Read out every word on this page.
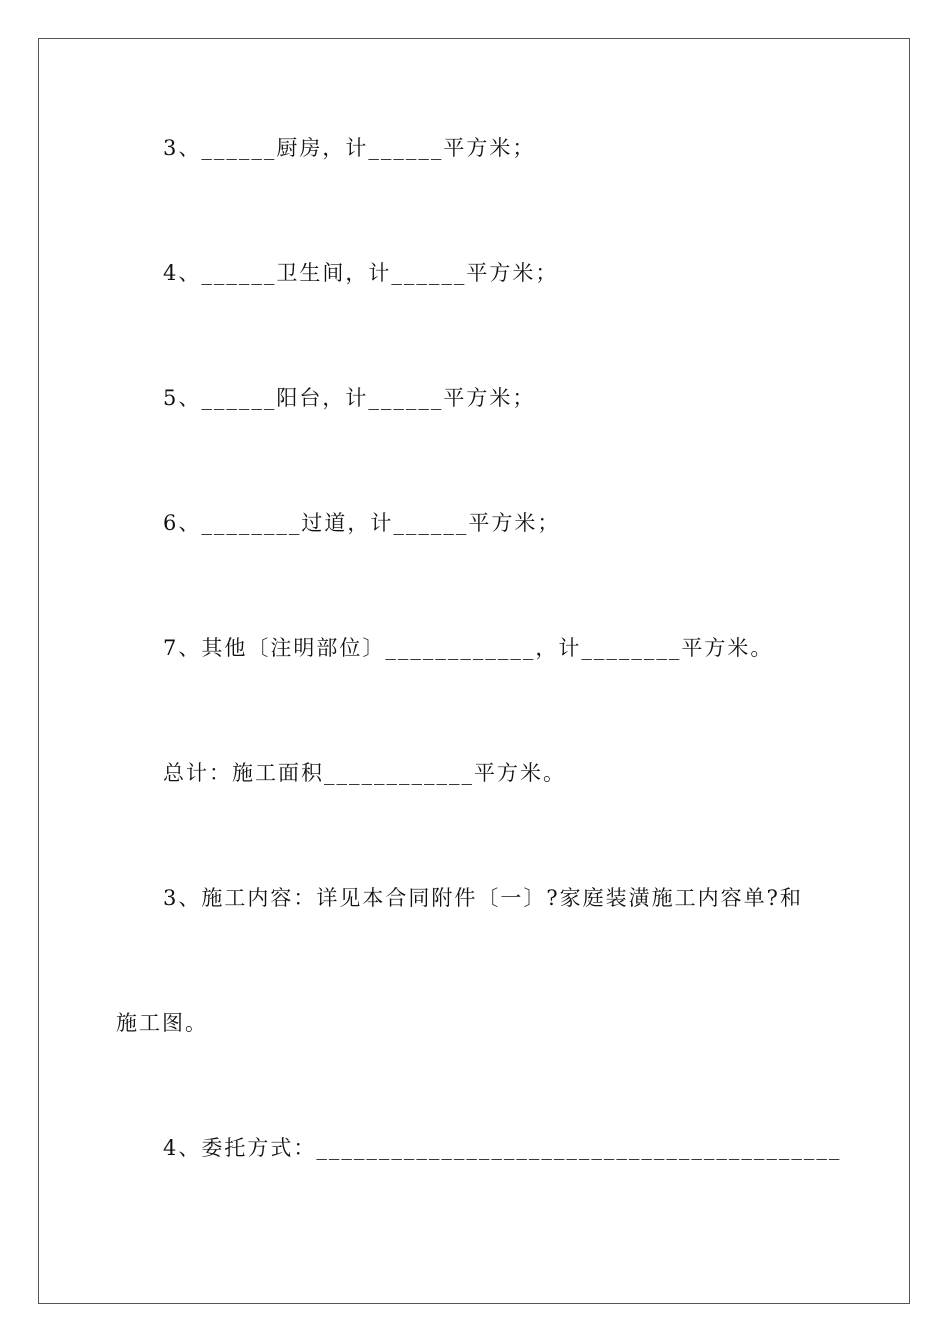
3、______厨房，计______平方米；
4、______卫生间，计______平方米；
5、______阳台，计______平方米；
6、________过道，计______平方米；
7、其他〔注明部位〕____________，计________平方米。
总计：施工面积____________平方米。
3、施工内容：详见本合同附件〔一〕?家庭装潢施工内容单?和
施工图。
4、委托方式：__________________________________________
